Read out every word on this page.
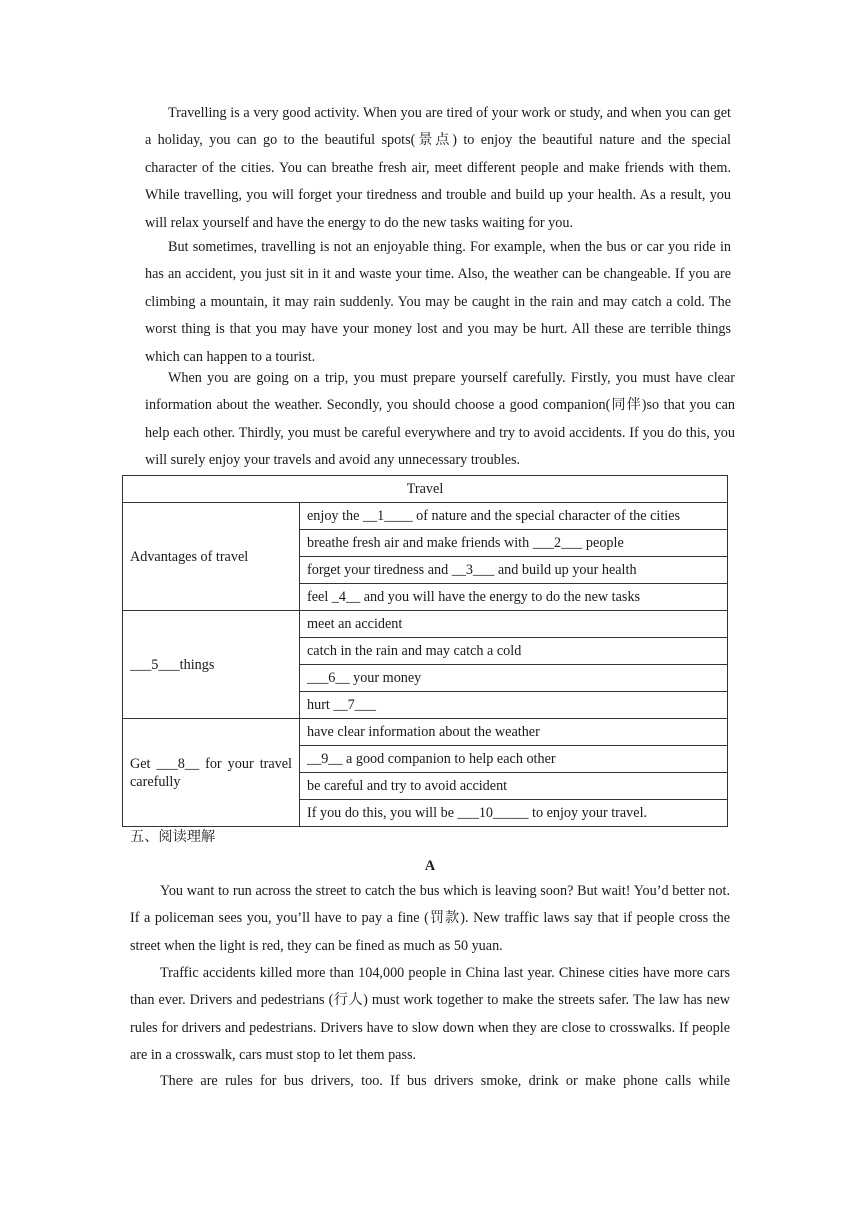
Travelling is a very good activity. When you are tired of your work or study, and when you can get a holiday, you can go to the beautiful spots(景点) to enjoy the beautiful nature and the special character of the cities. You can breathe fresh air, meet different people and make friends with them. While travelling, you will forget your tiredness and trouble and build up your health. As a result, you will relax yourself and have the energy to do the new tasks waiting for you.

But sometimes, travelling is not an enjoyable thing. For example, when the bus or car you ride in has an accident, you just sit in it and waste your time. Also, the weather can be changeable. If you are climbing a mountain, it may rain suddenly. You may be caught in the rain and may catch a cold. The worst thing is that you may have your money lost and you may be hurt. All these are terrible things which can happen to a tourist.

When you are going on a trip, you must prepare yourself carefully. Firstly, you must have clear information about the weather. Secondly, you should choose a good companion(同伴)so that you can help each other. Thirdly, you must be careful everywhere and try to avoid accidents. If you do this, you will surely enjoy your travels and avoid any unnecessary troubles.

Travel	
Advantages of travel	enjoy the __1____ of nature and the special character of the cities
	breathe fresh air and make friends with ___2___ people
	forget your tiredness and __3___ and build up your health
	feel _4__ and you will have the energy to do the new tasks
___5___things	meet an accident
	catch in the rain and may catch a cold
	___6__ your money
	hurt __7___
Get ___8__ for your travel carefully	have clear information about the weather
	__9__ a good companion to help each other
	be careful and try to avoid accident
	If you do this, you will be ___10_____ to enjoy your travel.
五、阅读理解
A

You want to run across the street to catch the bus which is leaving soon? But wait! You’d better not. If a policeman sees you, you’ll have to pay a fine (罚款). New traffic laws say that if people cross the street when the light is red, they can be fined as much as 50 yuan.

Traffic accidents killed more than 104,000 people in China last year. Chinese cities have more cars than ever. Drivers and pedestrians (行人) must work together to make the streets safer. The law has new rules for drivers and pedestrians. Drivers have to slow down when they are close to crosswalks. If people are in a crosswalk, cars must stop to let them pass.

There are rules for bus drivers, too. If bus drivers smoke, drink or make phone calls while
